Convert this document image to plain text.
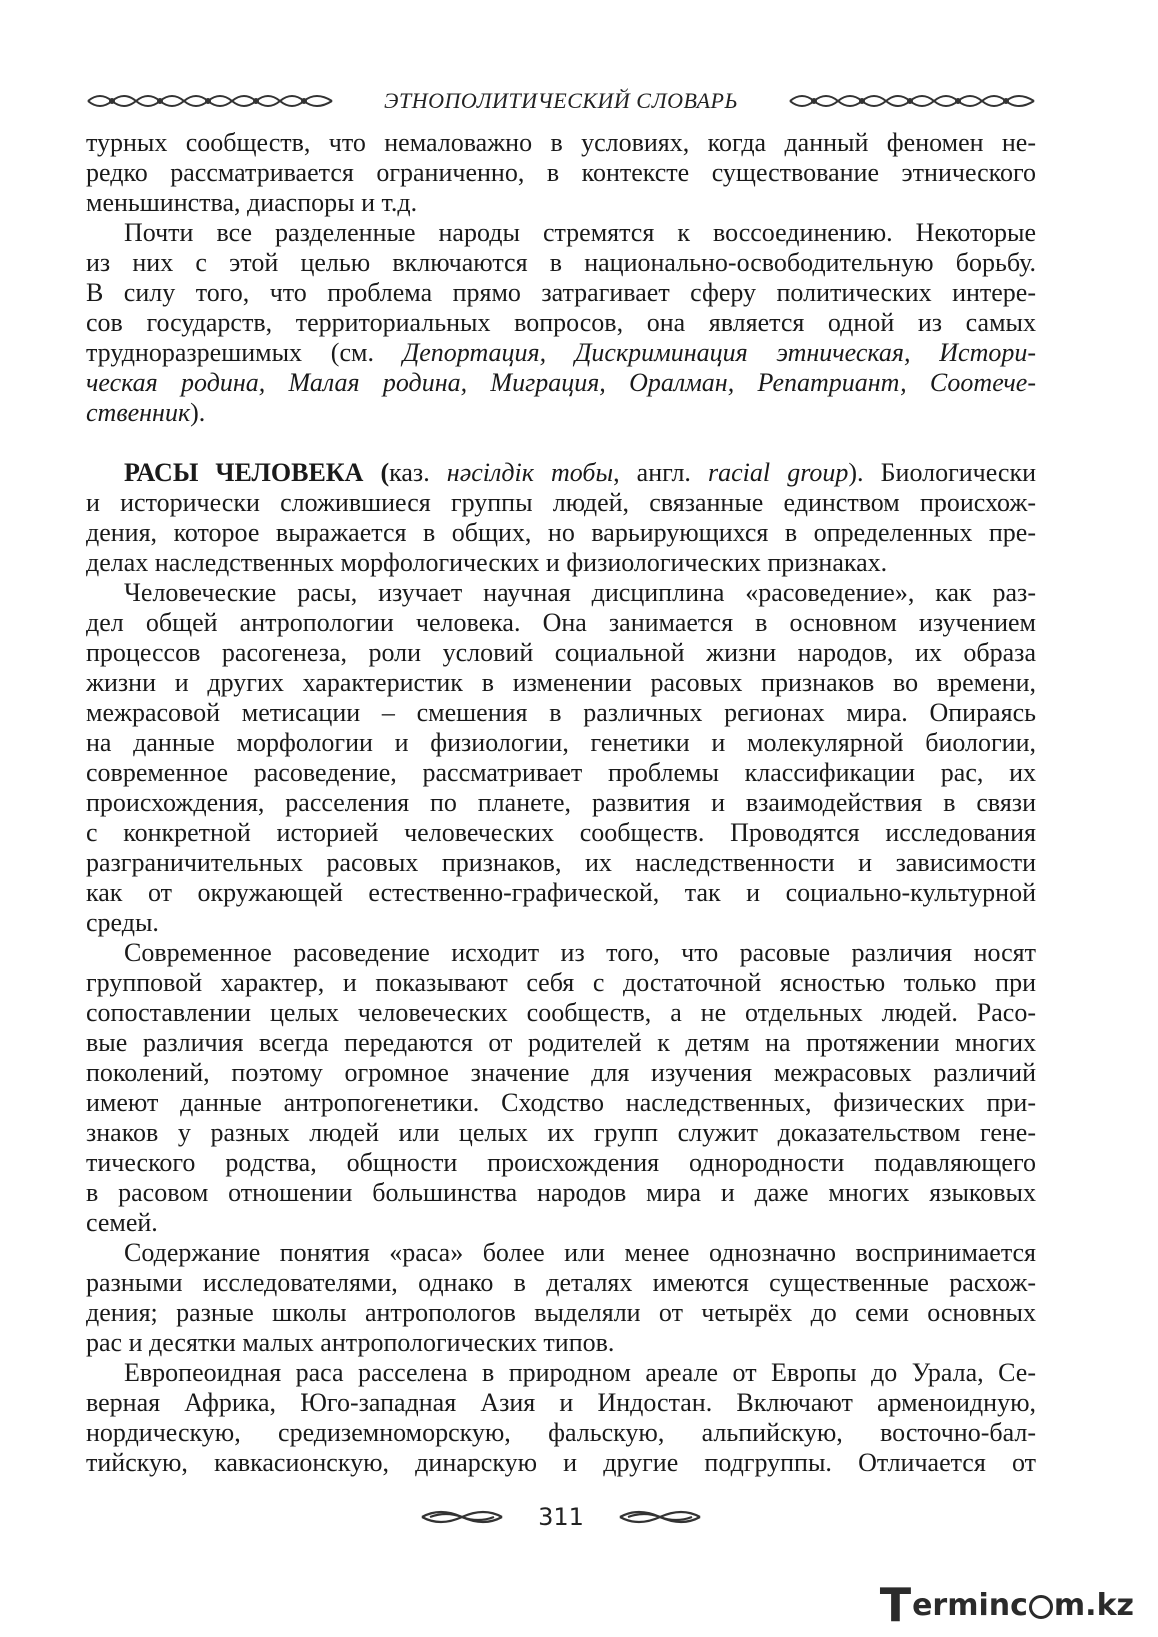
ЭТНОПОЛИТИЧЕСКИЙ СЛОВАРЬ
турных сообществ, что немаловажно в условиях, когда данный феномен не-
редко рассматривается ограниченно, в контексте существование этнического
меньшинства, диаспоры и т.д.
Почти все разделенные народы стремятся к воссоединению. Некоторые
из них с этой целью включаются в национально-освободительную борьбу.
В силу того, что проблема прямо затрагивает сферу политических интере-
сов государств, территориальных вопросов, она является одной из самых
трудноразрешимых (см. Депортация, Дискриминация этническая, Истори-
ческая родина, Малая родина, Миграция, Оралман, Репатриант, Соотече-
ственник).
РАСЫ ЧЕЛОВЕКА (каз. нәсілдік тобы, англ. racial group). Биологически
и исторически сложившиеся группы людей, связанные единством происхож-
дения, которое выражается в общих, но варьирующихся в определенных пре-
делах наследственных морфологических и физиологических признаках.
Человеческие расы, изучает научная дисциплина «расоведение», как раз-
дел общей антропологии человека. Она занимается в основном изучением
процессов расогенеза, роли условий социальной жизни народов, их образа
жизни и других характеристик в изменении расовых признаков во времени,
межрасовой метисации – смешения в различных регионах мира. Опираясь
на данные морфологии и физиологии, генетики и молекулярной биологии,
современное расоведение, рассматривает проблемы классификации рас, их
происхождения, расселения по планете, развития и взаимодействия в связи
с конкретной историей человеческих сообществ. Проводятся исследования
разграничительных расовых признаков, их наследственности и зависимости
как от окружающей естественно-графической, так и социально-культурной
среды.
Современное расоведение исходит из того, что расовые различия носят
групповой характер, и показывают себя с достаточной ясностью только при
сопоставлении целых человеческих сообществ, а не отдельных людей. Расо-
вые различия всегда передаются от родителей к детям на протяжении многих
поколений, поэтому огромное значение для изучения межрасовых различий
имеют данные антропогенетики. Сходство наследственных, физических при-
знаков у разных людей или целых их групп служит доказательством гене-
тического родства, общности происхождения однородности подавляющего
в расовом отношении большинства народов мира и даже многих языковых
семей.
Содержание понятия «раса» более или менее однозначно воспринимается
разными исследователями, однако в деталях имеются существенные расхож-
дения; разные школы антропологов выделяли от четырёх до семи основных
рас и десятки малых антропологических типов.
Европеоидная раса расселена в природном ареале от Европы до Урала, Се-
верная Африка, Юго-западная Азия и Индостан. Включают арменоидную,
нордическую, средиземноморскую, фальскую, альпийскую, восточно-бал-
тийскую, кавкасионскую, динарскую и другие подгруппы. Отличается от
311
T ermin c m.kz
